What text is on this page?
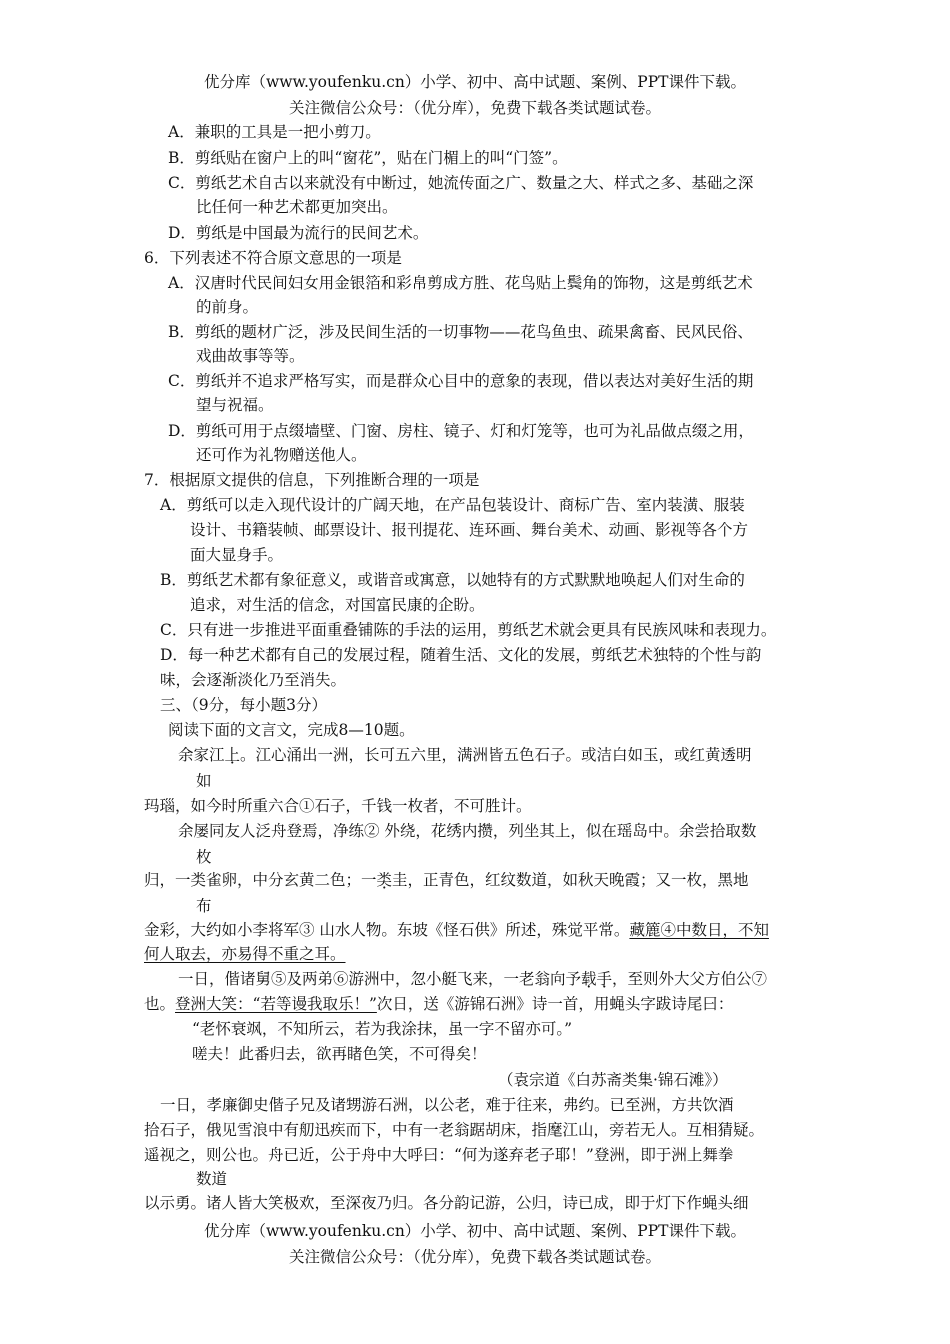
优分库（www.youfenku.cn）小学、初中、高中试题、案例、PPT课件下载。
关注微信公众号：（优分库），免费下载各类试题试卷。
A．兼职的工具是一把小剪刀。
B．剪纸贴在窗户上的叫“窗花”，贴在门楣上的叫“门签”。
C．剪纸艺术自古以来就没有中断过，她流传面之广、数量之大、样式之多、基础之深
比任何一种艺术都更加突出。
D．剪纸是中国最为流行的民间艺术。
6．下列表述不符合原文意思的一项是
A．汉唐时代民间妇女用金银箔和彩帛剪成方胜、花鸟贴上鬓角的饰物，这是剪纸艺术
的前身。
B．剪纸的题材广泛，涉及民间生活的一切事物——花鸟鱼虫、疏果禽畜、民风民俗、
戏曲故事等等。
C．剪纸并不追求严格写实，而是群众心目中的意象的表现，借以表达对美好生活的期
望与祝福。
D．剪纸可用于点缀墙壁、门窗、房柱、镜子、灯和灯笼等，也可为礼品做点缀之用，
还可作为礼物赠送他人。
7．根据原文提供的信息，下列推断合理的一项是
A．剪纸可以走入现代设计的广阔天地，在产品包装设计、商标广告、室内装潢、服装
设计、书籍装帧、邮票设计、报刊提花、连环画、舞台美术、动画、影视等各个方
面大显身手。
B．剪纸艺术都有象征意义，或谐音或寓意，以她特有的方式默默地唤起人们对生命的
追求，对生活的信念，对国富民康的企盼。
C．只有进一步推进平面重叠铺陈的手法的运用，剪纸艺术就会更具有民族风味和表现力。
D．每一种艺术都有自己的发展过程，随着生活、文化的发展，剪纸艺术独特的个性与韵
味，会逐渐淡化乃至消失。
三、（9分，每小题3分）
阅读下面的文言文，完成8—10题。
余家江上。江心涌出一洲，长可五六里，满洲皆五色石子。或洁白如玉，或红黄透明
如
玛瑙，如今时所重六合①石子，千钱一枚者，不可胜计。
余屡同友人泛舟登焉，净练② 外绕，花绣内攒，列坐其上，似在瑶岛中。余尝拾取数
枚
归，一类雀卵，中分玄黄二色；一类圭，正青色，红纹数道，如秋天晚霞；又一枚，黑地
布
金彩，大约如小李将军③ 山水人物。东坡《怪石供》所述，殊觉平常。藏簏④中数日，不知
何人取去，亦易得不重之耳。
一日，偕诸舅⑤及两弟⑥游洲中，忽小艇飞来，一老翁向予载手，至则外大父方伯公⑦
也。登洲大笑：“若等谩我取乐！”次日，送《游锦石洲》诗一首，用蝇头字跋诗尾曰：
“老怀衰飒，不知所云，若为我涂抹，虽一字不留亦可。”
嗟夫！此番归去，欲再睹色笑，不可得矣！
（袁宗道《白苏斋类集·锦石滩》）
一日，孝廉御史偕子兄及诸甥游石洲，以公老，难于往来，弗约。已至洲，方共饮酒
拾石子，俄见雪浪中有舠迅疾而下，中有一老翁踞胡床，指麾江山，旁若无人。互相猜疑。
遥视之，则公也。舟已近，公于舟中大呼曰：“何为遂弃老子耶！”登洲，即于洲上舞拳
数道
以示勇。诸人皆大笑极欢，至深夜乃归。各分韵记游，公归，诗已成，即于灯下作蝇头细
优分库（www.youfenku.cn）小学、初中、高中试题、案例、PPT课件下载。
关注微信公众号：（优分库），免费下载各类试题试卷。
